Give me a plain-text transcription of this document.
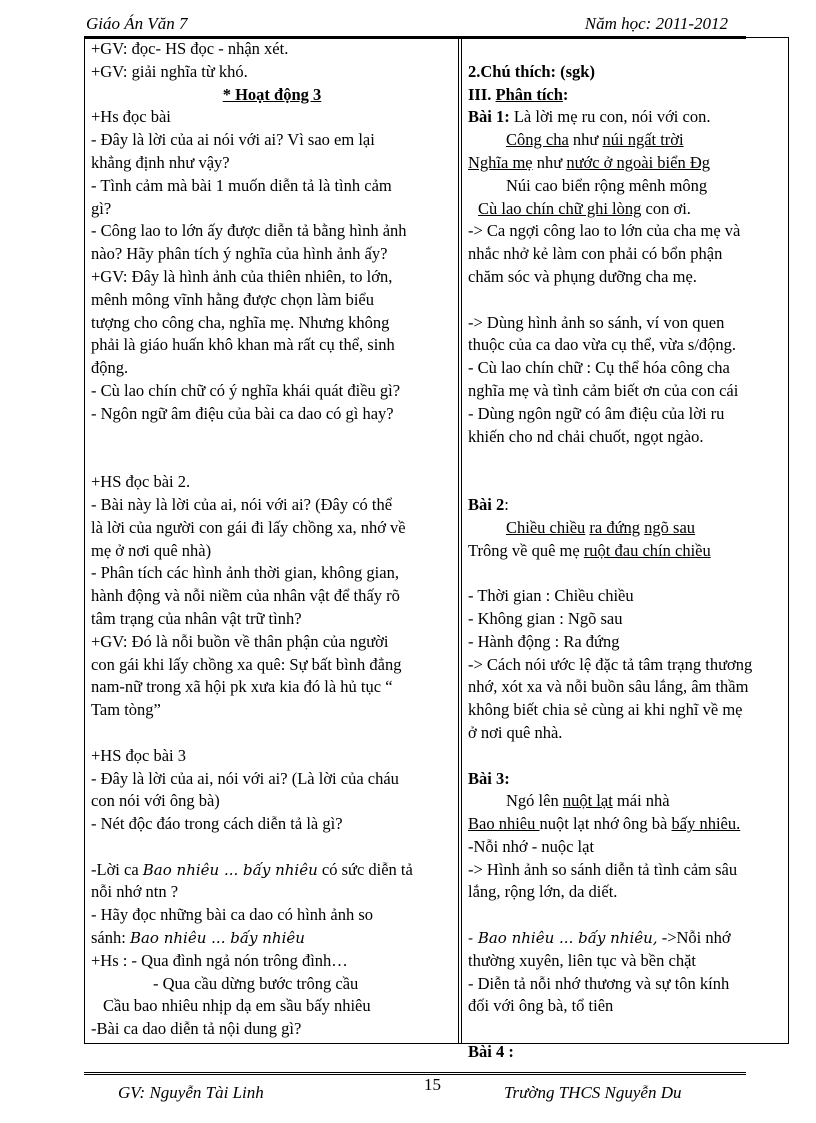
Giáo Án Văn 7	Năm học: 2011-2012
+GV: đọc- HS đọc - nhận xét.
+GV: giải nghĩa từ khó.
* Hoạt động 3
+Hs đọc bài
- Đây là lời của ai nói với ai? Vì sao em lại
khẳng định như vậy?
- Tình cảm mà bài 1 muốn diễn tả là tình cảm
gì?
- Công lao to lớn ấy được diễn tả bằng hình ảnh
nào? Hãy phân tích ý nghĩa của hình ảnh ấy?
+GV: Đây là hình ảnh của thiên nhiên, to lớn,
mênh mông vĩnh hằng được chọn làm biểu
tượng cho công cha, nghĩa mẹ. Nhưng không
phải là giáo huấn khô khan mà rất cụ thể, sinh
động.
- Cù lao chín chữ có ý nghĩa khái quát điều gì?
- Ngôn ngữ âm điệu của bài ca dao có gì hay?
+HS đọc bài 2.
- Bài này là lời của ai, nói với ai? (Đây có thể
là lời của người con gái đi lấy chồng xa, nhớ về
mẹ ở nơi quê nhà)
- Phân tích các hình ảnh thời gian, không gian,
hành động và nỗi niềm của nhân vật để thấy rõ
tâm trạng của nhân vật trữ tình?
+GV: Đó là nỗi buồn về thân phận của người
con gái khi lấy chồng xa quê: Sự bất bình đẳng
nam-nữ trong xã hội pk xưa kia đó là hủ tục “
Tam tòng”
+HS đọc bài 3
- Đây là lời của ai, nói với ai? (Là lời của cháu
con nói với ông bà)
- Nét độc đáo trong cách diễn tả là gì?
-Lời ca Bao nhiêu ... bấy nhiêu có sức diễn tả
nỗi nhớ ntn ?
- Hãy đọc những bài ca dao có hình ảnh so
sánh: Bao nhiêu ... bấy nhiêu
+Hs : - Qua đình ngả nón trông đình…
- Qua cầu dừng bước trông cầu
Cầu bao nhiêu nhịp dạ em sầu bấy nhiêu
-Bài ca dao diễn tả nội dung gì?
2.Chú thích: (sgk)
III. Phân tích:
Bài 1: Là lời mẹ ru con, nói với con.
Công cha như núi ngất trời
Nghĩa mẹ như nước ở ngoài biển Đg
Núi cao biển rộng mênh mông
Cù lao chín chữ ghi lòng con ơi.
-> Ca ngợi công lao to lớn của cha mẹ và
nhắc nhở kẻ làm con phải có bổn phận
chăm sóc và phụng dưỡng cha mẹ.
-> Dùng hình ảnh so sánh, ví von quen
thuộc của ca dao vừa cụ thể, vừa s/động.
- Cù lao chín chữ : Cụ thể hóa công cha
nghĩa mẹ và tình cảm biết ơn của con cái
- Dùng ngôn ngữ có âm điệu của lời ru
khiến cho nd chải chuốt, ngọt ngào.
Bài 2:
Chiều chiều ra đứng ngõ sau
Trông về quê mẹ ruột đau chín chiều
- Thời gian : Chiều chiều
- Không gian : Ngõ sau
- Hành động : Ra đứng
-> Cách nói ước lệ đặc tả tâm trạng thương
nhớ, xót xa và nỗi buồn sâu lắng, âm thầm
không biết chia sẻ cùng ai khi nghĩ về mẹ
ở nơi quê nhà.
Bài 3:
Ngó lên nuột lạt mái nhà
Bao nhiêu nuột lạt nhớ ông bà bấy nhiêu.
-Nỗi nhớ - nuộc lạt
-> Hình ảnh so sánh diễn tả tình cảm sâu
lắng, rộng lớn, da diết.
- Bao nhiêu ... bấy nhiêu, ->Nỗi nhớ
thường xuyên, liên tục và bền chặt
- Diễn tả nỗi nhớ thương và sự tôn kính
đối với ông bà, tổ tiên
Bài 4 :
GV: Nguyễn Tài Linh	15	Trường THCS Nguyễn Du
